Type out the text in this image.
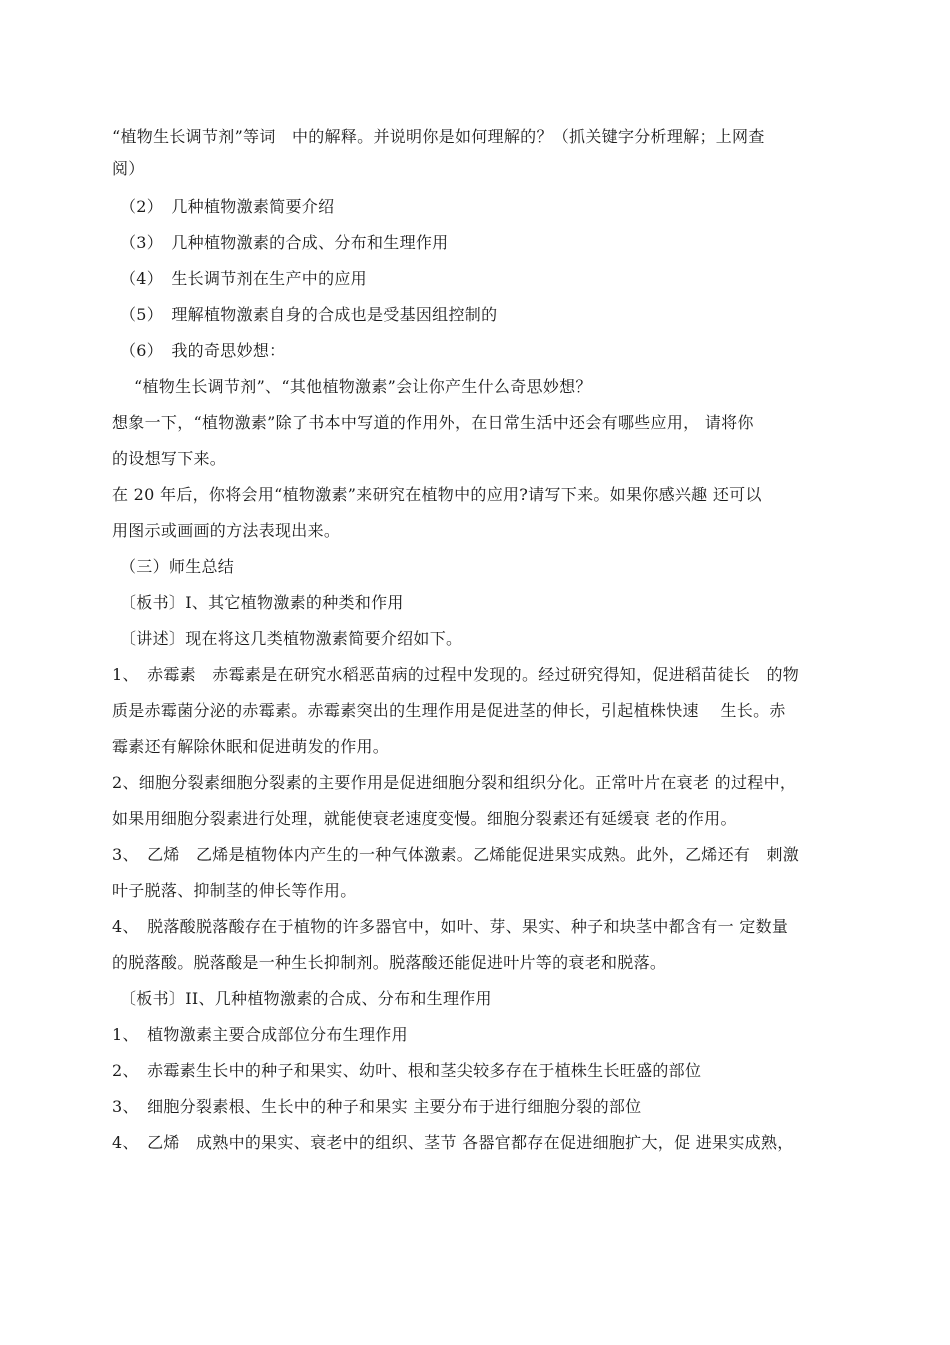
“植物生长调节剂”等词　中的解释。并说明你是如何理解的？（抓关键字分析理解；上网查

阅）

（2）　几种植物激素简要介绍

（3）　几种植物激素的合成、分布和生理作用

（4）　生长调节剂在生产中的应用

（5）　理解植物激素自身的合成也是受基因组控制的

（6）　我的奇思妙想：

“植物生长调节剂”、“其他植物激素”会让你产生什么奇思妙想？

想象一下，“植物激素”除了书本中写道的作用外，在日常生活中还会有哪些应用， 请将你

的设想写下来。

在 20 年后，你将会用“植物激素”来研究在植物中的应用?请写下来。如果你感兴趣 还可以

用图示或画画的方法表现出来。

（三）师生总结

〔板书〕I、其它植物激素的种类和作用

〔讲述〕现在将这几类植物激素简要介绍如下。

1、　赤霉素　赤霉素是在研究水稻恶苗病的过程中发现的。经过研究得知，促进稻苗徒长　的物

质是赤霉菌分泌的赤霉素。赤霉素突出的生理作用是促进茎的伸长，引起植株快速　 生长。赤

霉素还有解除休眠和促进萌发的作用。

2、细胞分裂素细胞分裂素的主要作用是促进细胞分裂和组织分化。正常叶片在衰老 的过程中，

如果用细胞分裂素进行处理，就能使衰老速度变慢。细胞分裂素还有延缓衰 老的作用。

3、　乙烯　乙烯是植物体内产生的一种气体激素。乙烯能促进果实成熟。此外，乙烯还有　刺激

叶子脱落、抑制茎的伸长等作用。

4、　脱落酸脱落酸存在于植物的许多器官中，如叶、芽、果实、种子和块茎中都含有一 定数量

的脱落酸。脱落酸是一种生长抑制剂。脱落酸还能促进叶片等的衰老和脱落。

〔板书〕II、几种植物激素的合成、分布和生理作用

1、　植物激素主要合成部位分布生理作用

2、　赤霉素生长中的种子和果实、幼叶、根和茎尖较多存在于植株生长旺盛的部位

3、　细胞分裂素根、生长中的种子和果实 主要分布于进行细胞分裂的部位

4、　乙烯　成熟中的果实、衰老中的组织、茎节 各器官都存在促进细胞扩大，促 进果实成熟，
